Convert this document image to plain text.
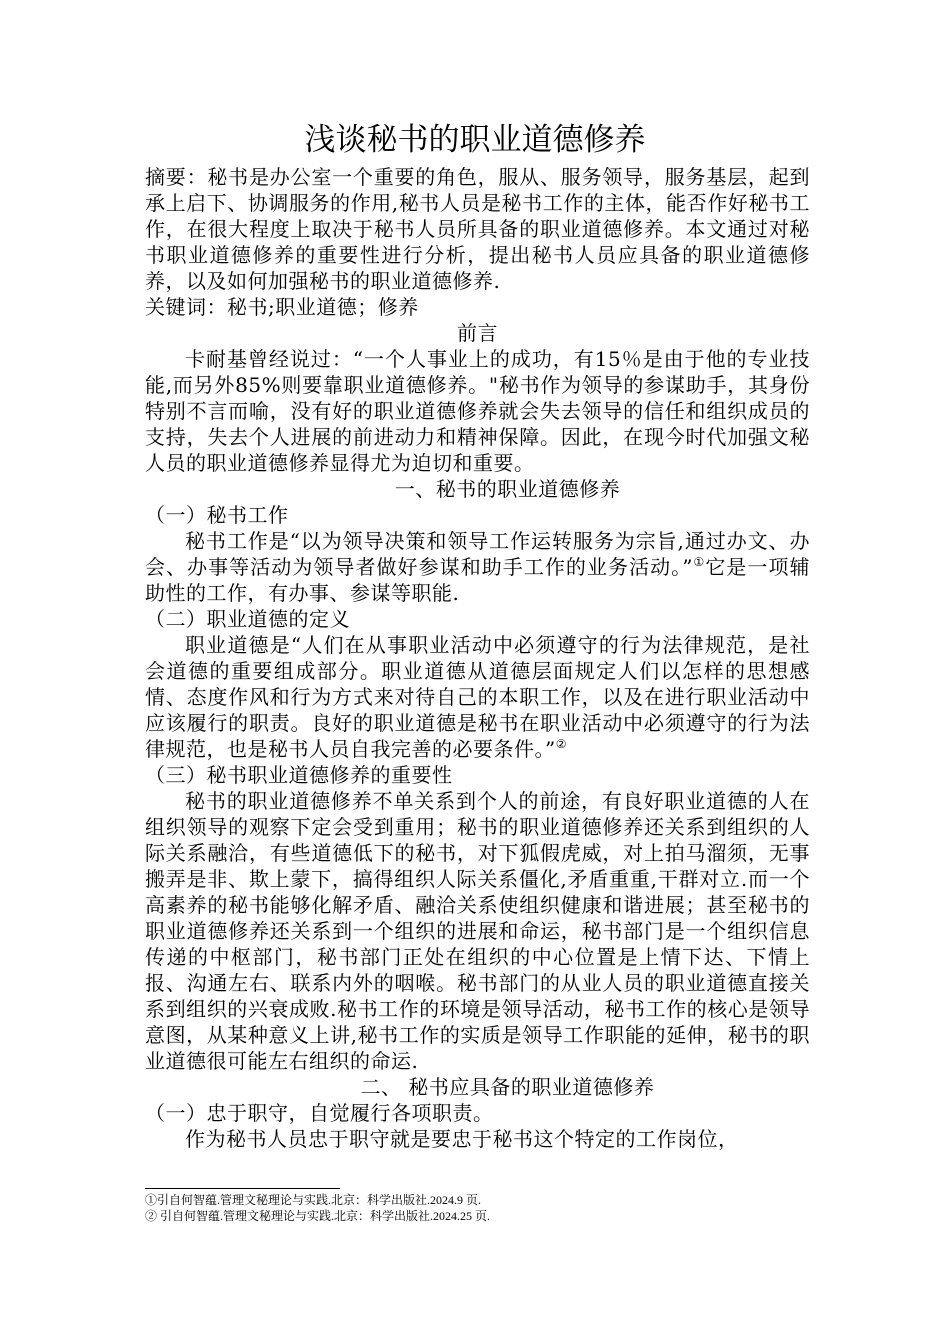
浅谈秘书的职业道德修养

摘要：秘书是办公室一个重要的角色，服从、服务领导，服务基层，起到承上启下、协调服务的作用,秘书人员是秘书工作的主体，能否作好秘书工作，在很大程度上取决于秘书人员所具备的职业道德修养。本文通过对秘书职业道德修养的重要性进行分析，提出秘书人员应具备的职业道德修养，以及如何加强秘书的职业道德修养.

关键词：秘书;职业道德；修养

前言

卡耐基曾经说过：“一个人事业上的成功，有15％是由于他的专业技能,而另外85%则要靠职业道德修养。"秘书作为领导的参谋助手，其身份特别不言而喻，没有好的职业道德修养就会失去领导的信任和组织成员的支持，失去个人进展的前进动力和精神保障。因此，在现今时代加强文秘人员的职业道德修养显得尤为迫切和重要。

一、秘书的职业道德修养

（一）秘书工作

秘书工作是“以为领导决策和领导工作运转服务为宗旨,通过办文、办会、办事等活动为领导者做好参谋和助手工作的业务活动。”①它是一项辅助性的工作，有办事、参谋等职能.

（二）职业道德的定义

职业道德是“人们在从事职业活动中必须遵守的行为法律规范，是社会道德的重要组成部分。职业道德从道德层面规定人们以怎样的思想感情、态度作风和行为方式来对待自己的本职工作，以及在进行职业活动中应该履行的职责。良好的职业道德是秘书在职业活动中必须遵守的行为法律规范，也是秘书人员自我完善的必要条件。”②

（三）秘书职业道德修养的重要性

秘书的职业道德修养不单关系到个人的前途，有良好职业道德的人在组织领导的观察下定会受到重用；秘书的职业道德修养还关系到组织的人际关系融洽，有些道德低下的秘书，对下狐假虎威，对上拍马溜须，无事搬弄是非、欺上蒙下，搞得组织人际关系僵化,矛盾重重,干群对立.而一个高素养的秘书能够化解矛盾、融洽关系使组织健康和谐进展；甚至秘书的职业道德修养还关系到一个组织的进展和命运，秘书部门是一个组织信息传递的中枢部门，秘书部门正处在组织的中心位置是上情下达、下情上报、沟通左右、联系内外的咽喉。秘书部门的从业人员的职业道德直接关系到组织的兴衰成败.秘书工作的环境是领导活动，秘书工作的核心是领导意图，从某种意义上讲,秘书工作的实质是领导工作职能的延伸，秘书的职业道德很可能左右组织的命运.

二、 秘书应具备的职业道德修养

（一）忠于职守，自觉履行各项职责。

作为秘书人员忠于职守就是要忠于秘书这个特定的工作岗位，

①引自何智蕴.管理文秘理论与实践.北京：科学出版社.2024.9 页.
② 引自何智蕴.管理文秘理论与实践.北京：科学出版社.2024.25 页.
